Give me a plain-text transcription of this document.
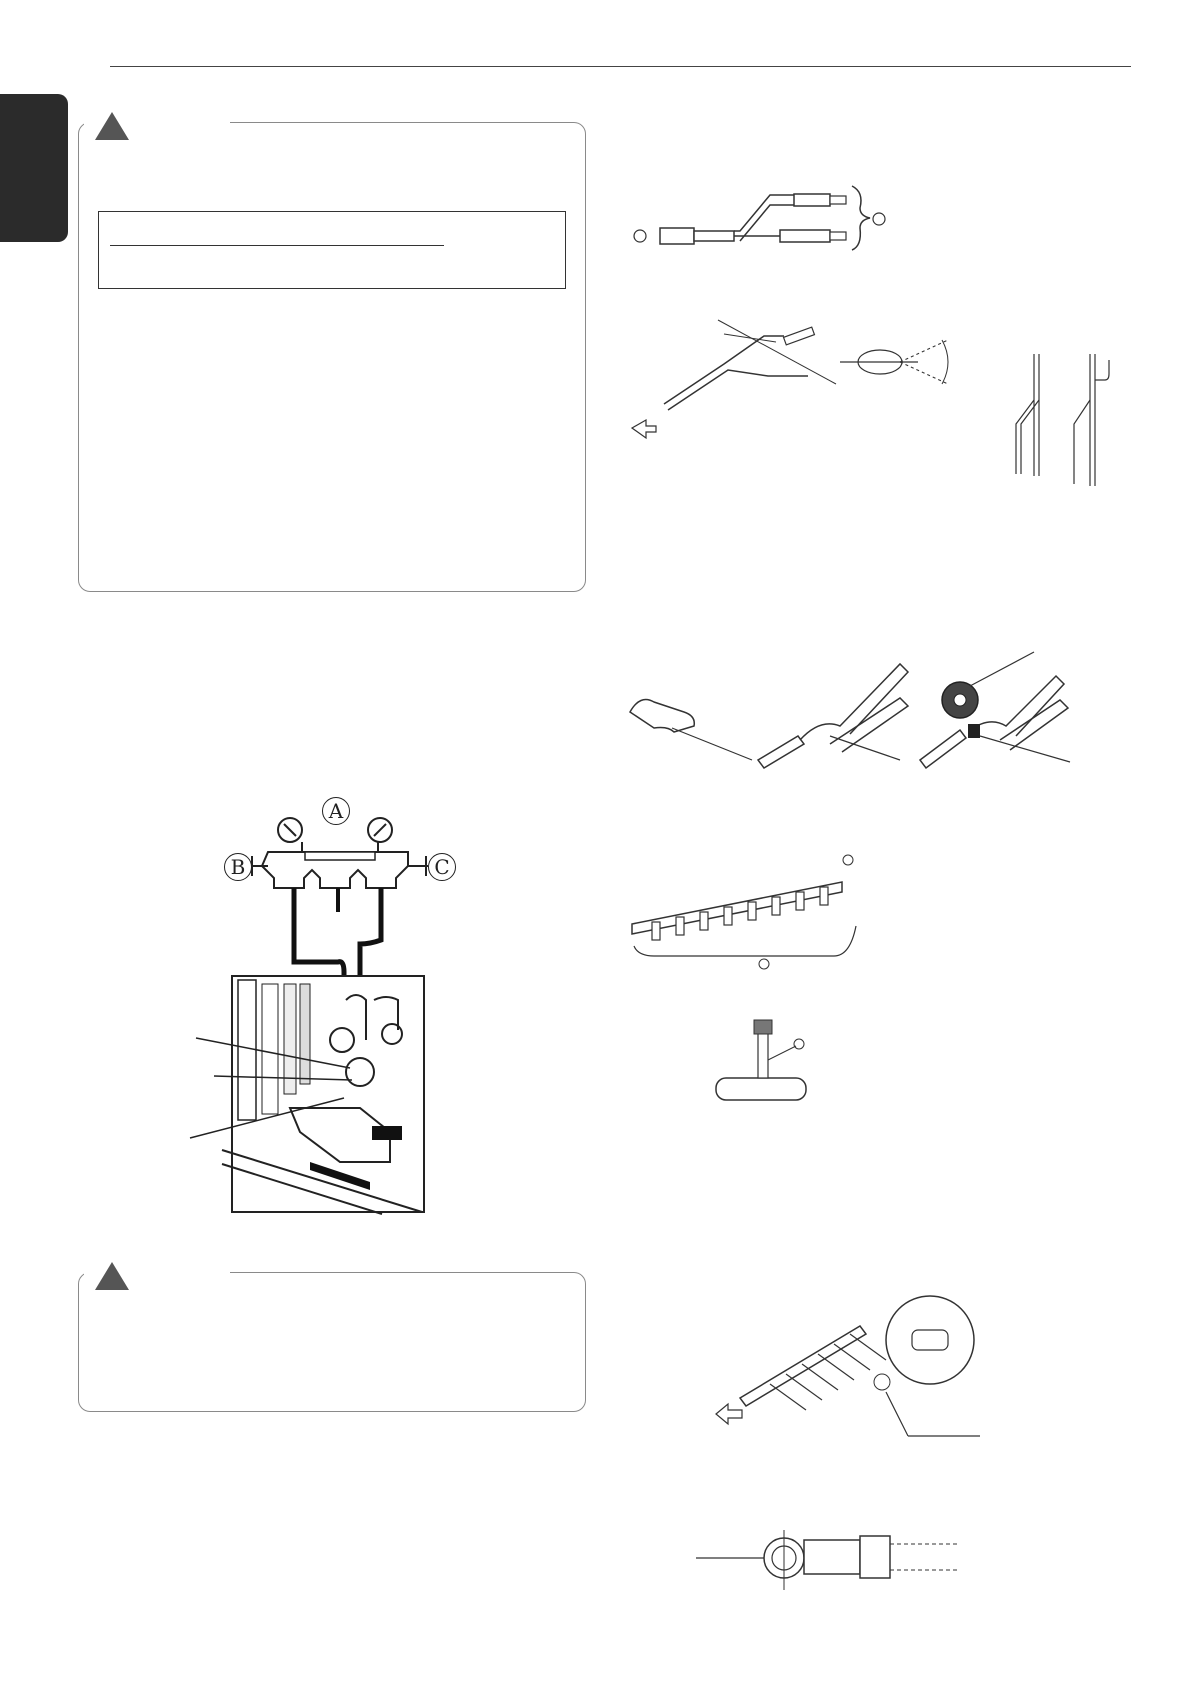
A
B	C
